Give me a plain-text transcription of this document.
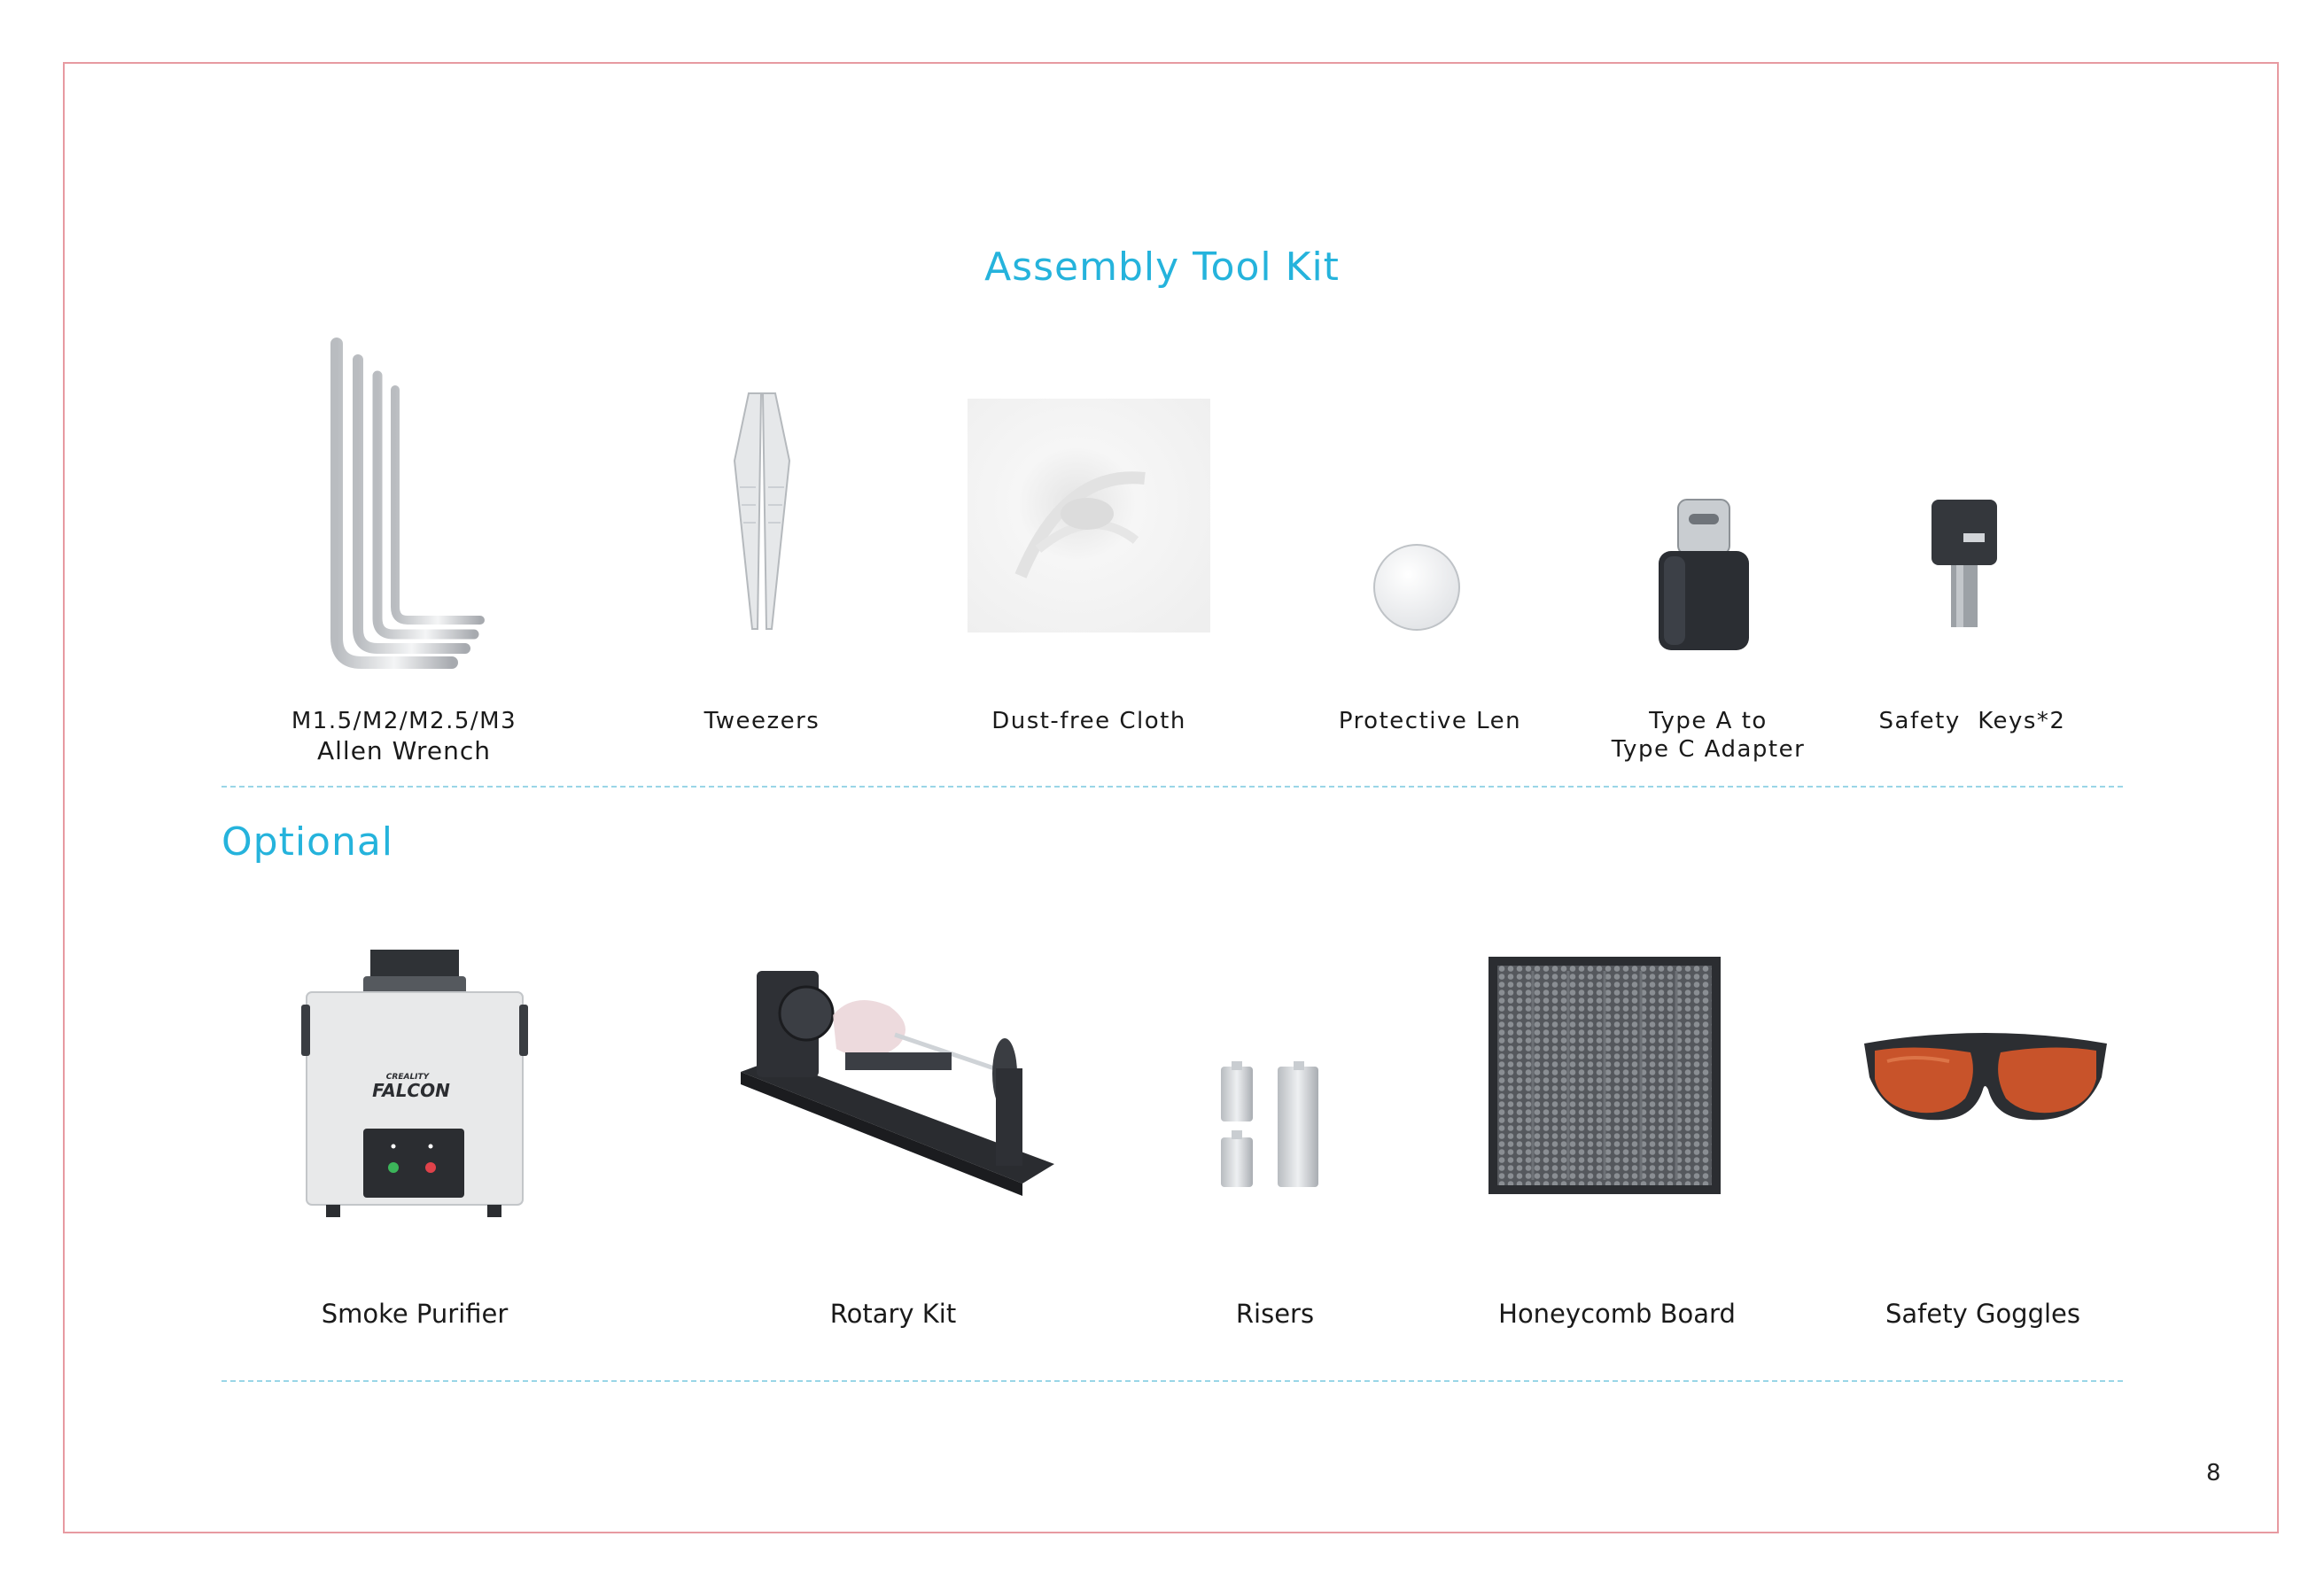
Assembly Tool Kit
M1.5/M2/M2.5/M3
Allen Wrench
Tweezers	Dust-free Cloth	Protective Len	Type A to
Type C Adapter
Safety  Keys*2
Optional
CREALITY
FALCON
Smoke Purifier	Rotary Kit	Risers	Honeycomb Board	Safety Goggles
8
